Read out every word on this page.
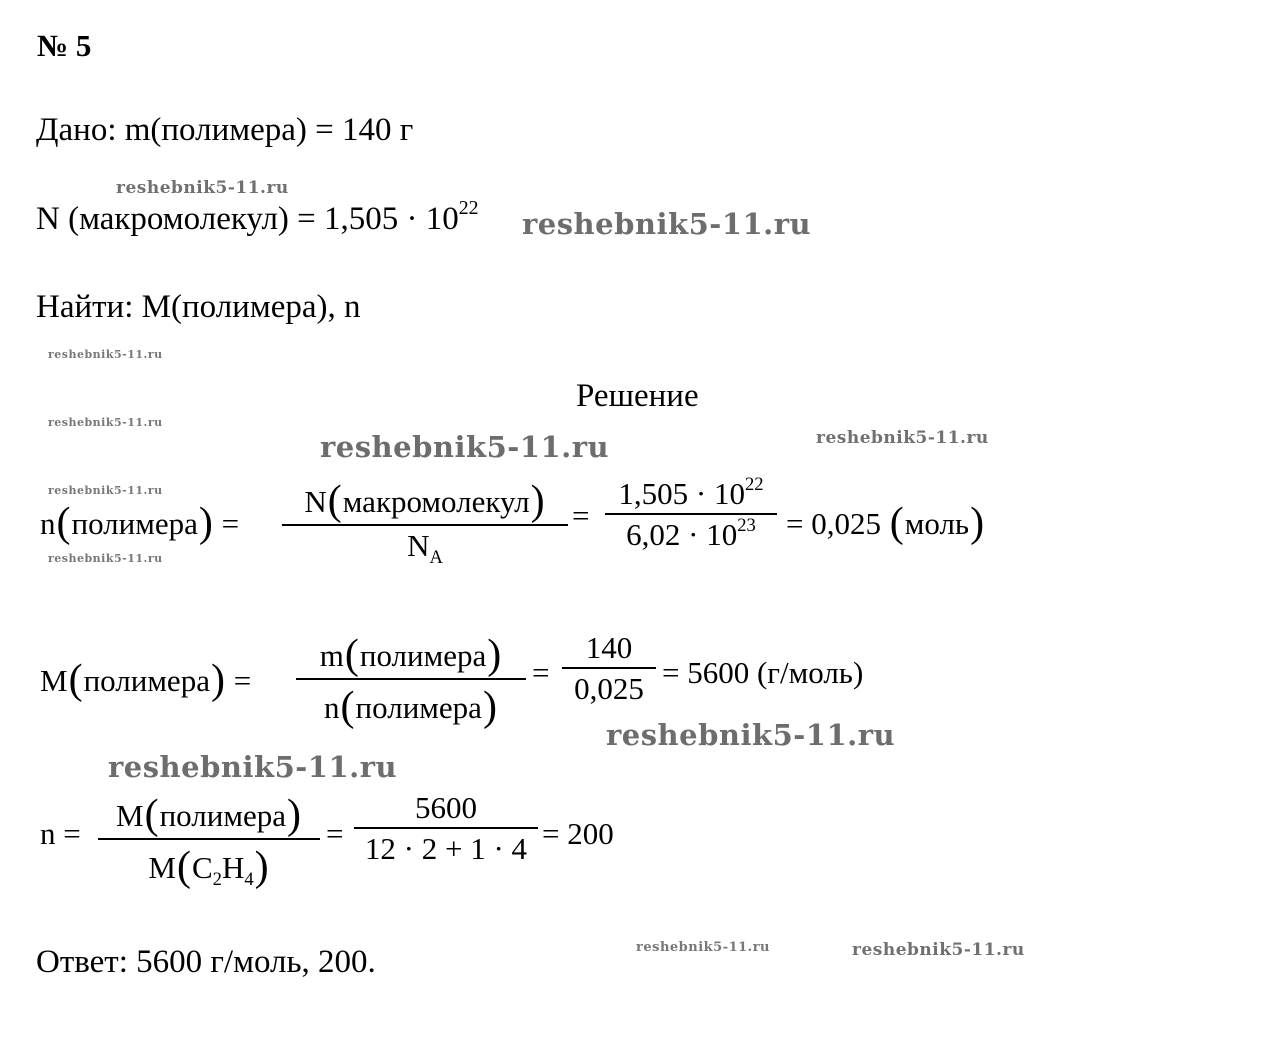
№ 5
Дано: m(полимера) = 140 г
N (макромолекул) = $1,505 \cdot 10^{22}$
Найти: M(полимера), n
Решение
n(полимера) =
N(макромолекул)
$N_A$
=
$1,505 \cdot 10^{22}$
$6,02 \cdot 10^{23} = 0,025$ (моль)
M(полимера) =
m(полимера)
n(полимера)
=
140
0,025 = 5600 (г/моль)
n =
M(полимера)
$M(C_2H_4)$
=
5600
12 · 2 + 1 · 4 = 200
Ответ: 5600 г/моль, 200.
reshebnik5-11.ru
reshebnik5-11.ru
reshebnik5-11.ru
reshebnik5-11.ru
reshebnik5-11.ru	reshebnik5-11.ru
reshebnik5-11.ru
reshebnik5-11.ru
reshebnik5-11.ru
reshebnik5-11.ru
reshebnik5-11.ru	reshebnik5-11.ru
